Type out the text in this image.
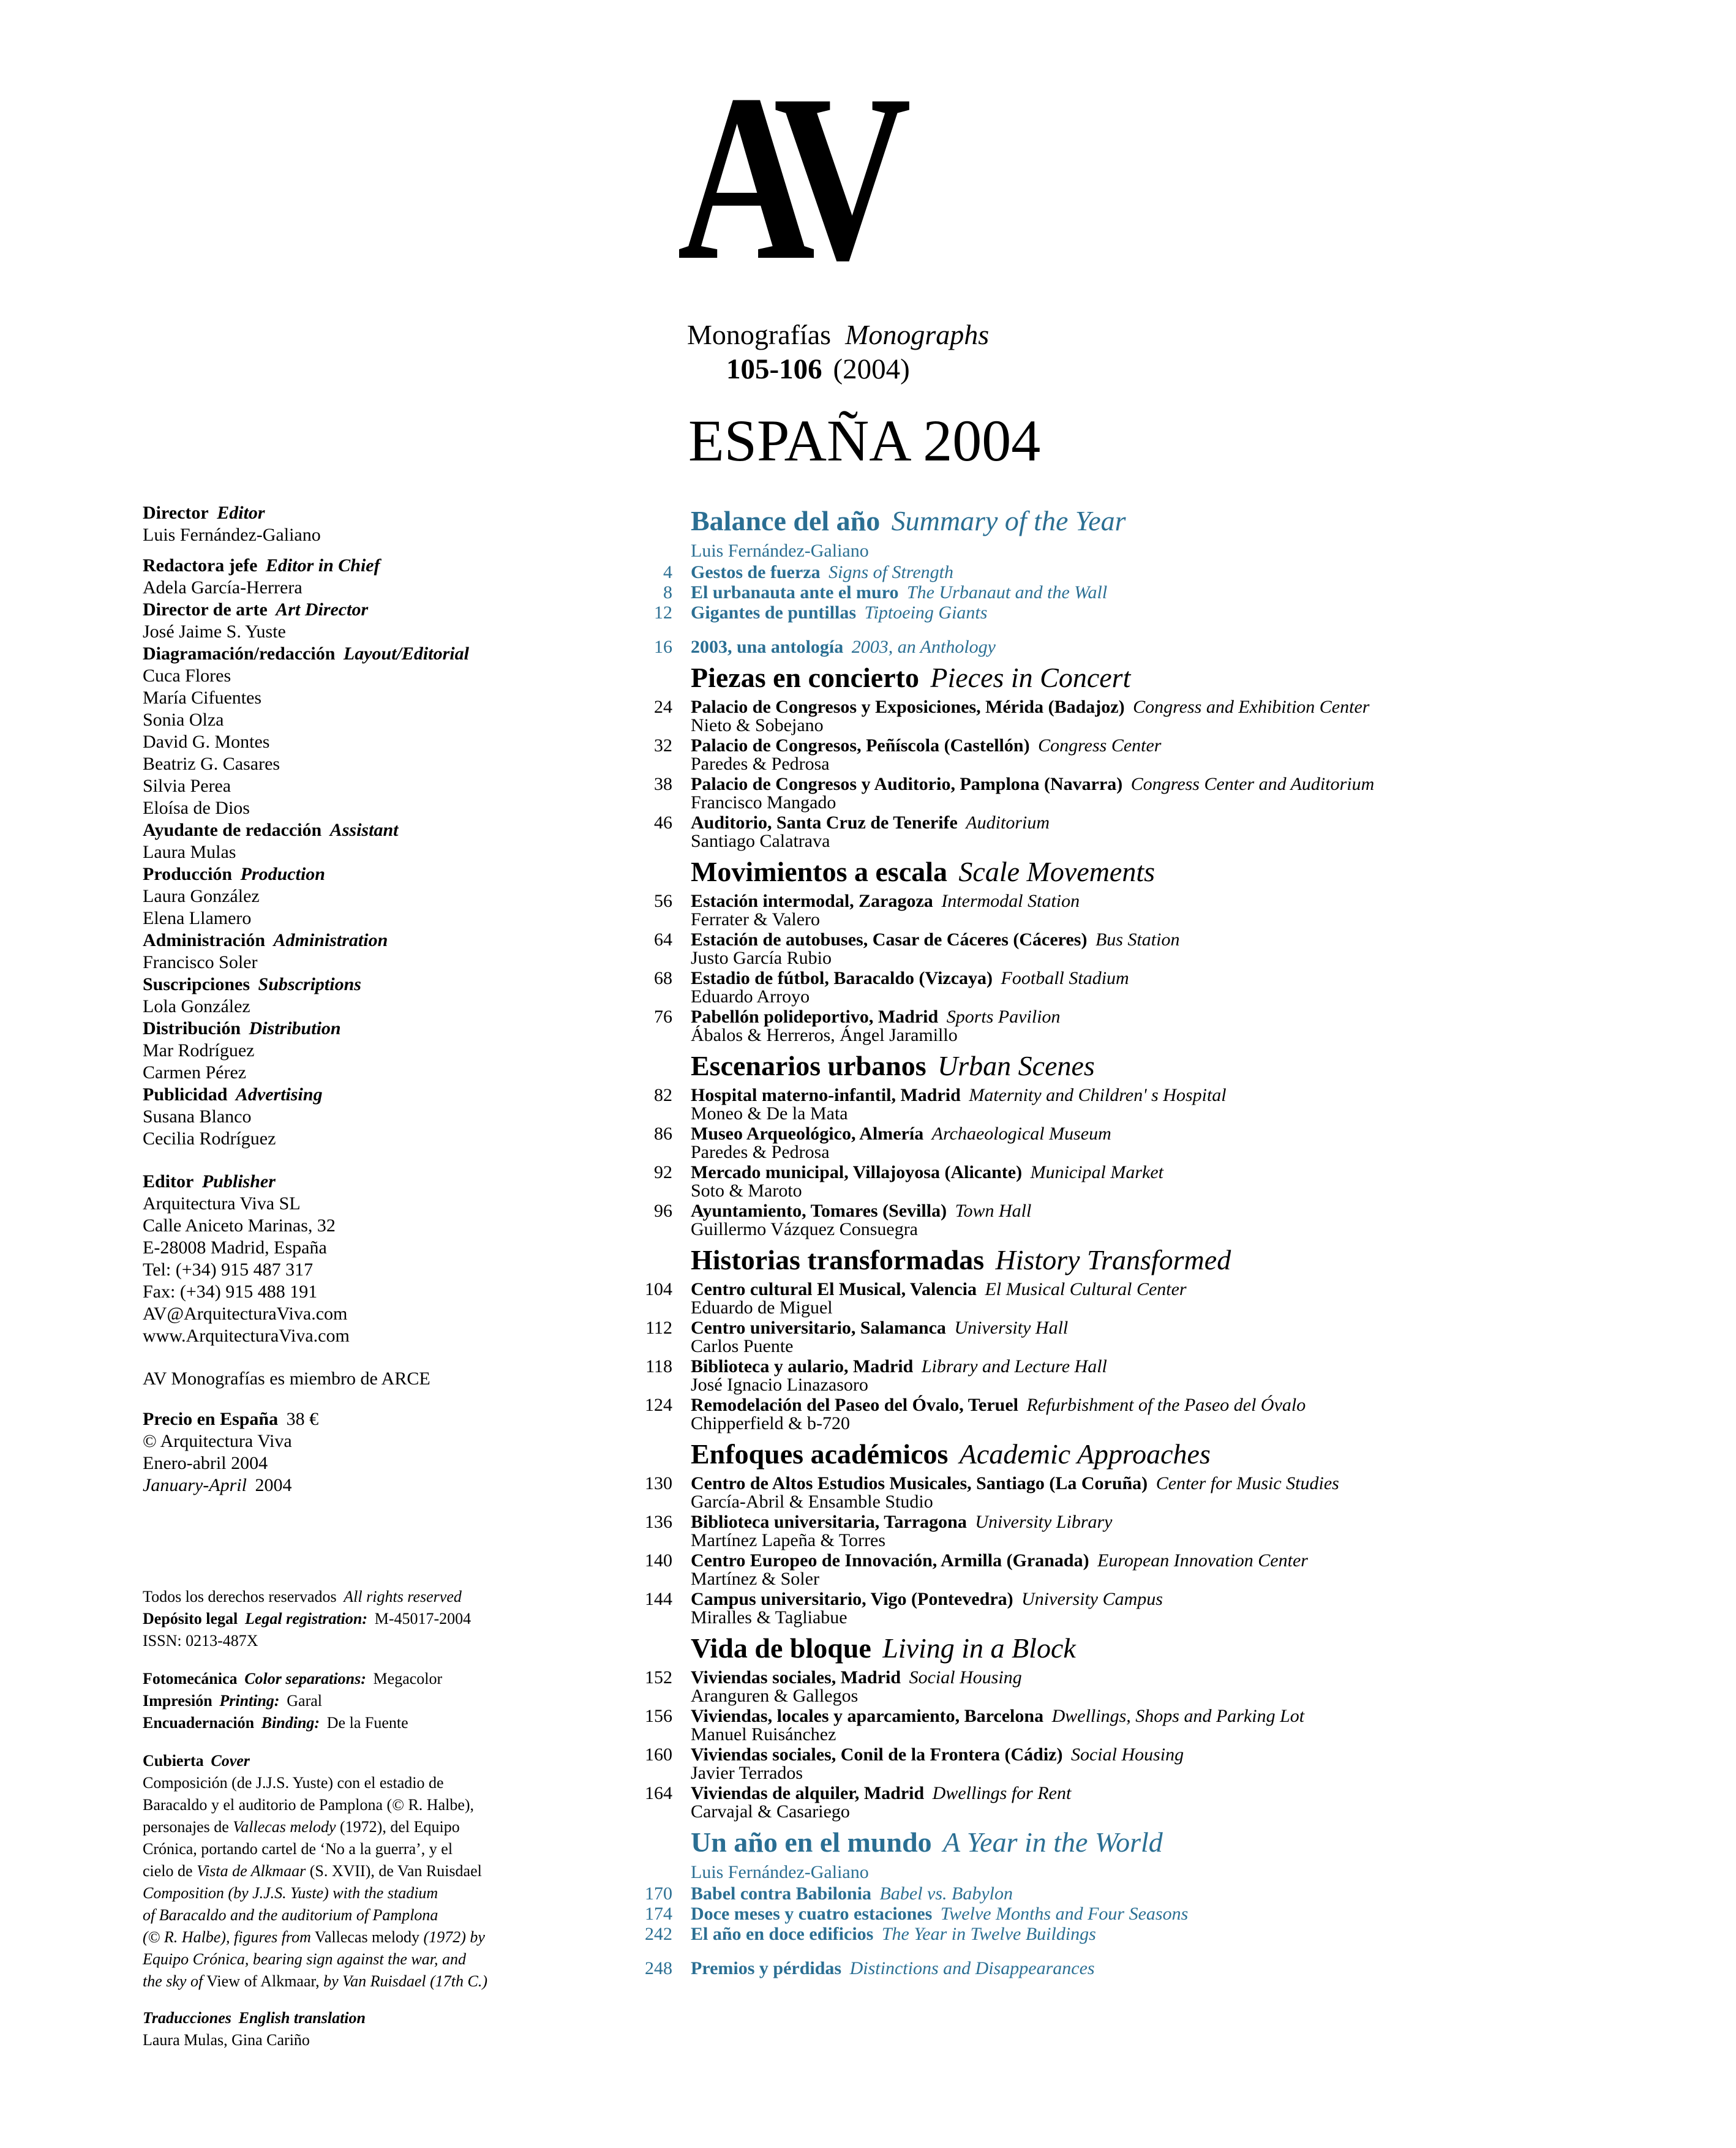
AV
Monografías Monographs
105-106 (2004)
ESPAÑA 2004
Director Editor
Luis Fernández-Galiano
Redactora jefe Editor in Chief
Adela García-Herrera
Director de arte Art Director
José Jaime S. Yuste
Diagramación/redacción Layout/Editorial
Cuca Flores
María Cifuentes
Sonia Olza
David G. Montes
Beatriz G. Casares
Silvia Perea
Eloísa de Dios
Ayudante de redacción Assistant
Laura Mulas
Producción Production
Laura González
Elena Llamero
Administración Administration
Francisco Soler
Suscripciones Subscriptions
Lola González
Distribución Distribution
Mar Rodríguez
Carmen Pérez
Publicidad Advertising
Susana Blanco
Cecilia Rodríguez
Editor Publisher
Arquitectura Viva SL
Calle Aniceto Marinas, 32
E-28008 Madrid, España
Tel: (+34) 915 487 317
Fax: (+34) 915 488 191
AV@ArquitecturaViva.com
www.ArquitecturaViva.com
AV Monografías es miembro de ARCE
Precio en España 38 €
© Arquitectura Viva
Enero-abril 2004
January-April 2004
Todos los derechos reservados All rights reserved
Depósito legal Legal registration: M-45017-2004
ISSN: 0213-487X
Fotomecánica Color separations: Megacolor
Impresión Printing: Garal
Encuadernación Binding: De la Fuente
Cubierta Cover
Composición (de J.J.S. Yuste) con el estadio de
Baracaldo y el auditorio de Pamplona (© R. Halbe),
personajes de Vallecas melody (1972), del Equipo
Crónica, portando cartel de ‘No a la guerra’, y el
cielo de Vista de Alkmaar (S. XVII), de Van Ruisdael
Composition (by J.J.S. Yuste) with the stadium
of Baracaldo and the auditorium of Pamplona
(© R. Halbe), figures from Vallecas melody (1972) by
Equipo Crónica, bearing sign against the war, and
the sky of View of Alkmaar, by Van Ruisdael (17th C.)
Traducciones English translation
Laura Mulas, Gina Cariño
Balance del año Summary of the Year
Luis Fernández-Galiano
4 Gestos de fuerza Signs of Strength
8 El urbanauta ante el muro The Urbanaut and the Wall
12 Gigantes de puntillas Tiptoeing Giants
16 2003, una antología 2003, an Anthology
Piezas en concierto Pieces in Concert
24 Palacio de Congresos y Exposiciones, Mérida (Badajoz) Congress and Exhibition Center
Nieto & Sobejano
32 Palacio de Congresos, Peñíscola (Castellón) Congress Center
Paredes & Pedrosa
38 Palacio de Congresos y Auditorio, Pamplona (Navarra) Congress Center and Auditorium
Francisco Mangado
46 Auditorio, Santa Cruz de Tenerife Auditorium
Santiago Calatrava
Movimientos a escala Scale Movements
56 Estación intermodal, Zaragoza Intermodal Station
Ferrater & Valero
64 Estación de autobuses, Casar de Cáceres (Cáceres) Bus Station
Justo García Rubio
68 Estadio de fútbol, Baracaldo (Vizcaya) Football Stadium
Eduardo Arroyo
76 Pabellón polideportivo, Madrid Sports Pavilion
Ábalos & Herreros, Ángel Jaramillo
Escenarios urbanos Urban Scenes
82 Hospital materno-infantil, Madrid Maternity and Children' s Hospital
Moneo & De la Mata
86 Museo Arqueológico, Almería Archaeological Museum
Paredes & Pedrosa
92 Mercado municipal, Villajoyosa (Alicante) Municipal Market
Soto & Maroto
96 Ayuntamiento, Tomares (Sevilla) Town Hall
Guillermo Vázquez Consuegra
Historias transformadas History Transformed
104 Centro cultural El Musical, Valencia El Musical Cultural Center
Eduardo de Miguel
112 Centro universitario, Salamanca University Hall
Carlos Puente
118 Biblioteca y aulario, Madrid Library and Lecture Hall
José Ignacio Linazasoro
124 Remodelación del Paseo del Óvalo, Teruel Refurbishment of the Paseo del Óvalo
Chipperfield & b-720
Enfoques académicos Academic Approaches
130 Centro de Altos Estudios Musicales, Santiago (La Coruña) Center for Music Studies
García-Abril & Ensamble Studio
136 Biblioteca universitaria, Tarragona University Library
Martínez Lapeña & Torres
140 Centro Europeo de Innovación, Armilla (Granada) European Innovation Center
Martínez & Soler
144 Campus universitario, Vigo (Pontevedra) University Campus
Miralles & Tagliabue
Vida de bloque Living in a Block
152 Viviendas sociales, Madrid Social Housing
Aranguren & Gallegos
156 Viviendas, locales y aparcamiento, Barcelona Dwellings, Shops and Parking Lot
Manuel Ruisánchez
160 Viviendas sociales, Conil de la Frontera (Cádiz) Social Housing
Javier Terrados
164 Viviendas de alquiler, Madrid Dwellings for Rent
Carvajal & Casariego
Un año en el mundo A Year in the World
Luis Fernández-Galiano
170 Babel contra Babilonia Babel vs. Babylon
174 Doce meses y cuatro estaciones Twelve Months and Four Seasons
242 El año en doce edificios The Year in Twelve Buildings
248 Premios y pérdidas Distinctions and Disappearances
